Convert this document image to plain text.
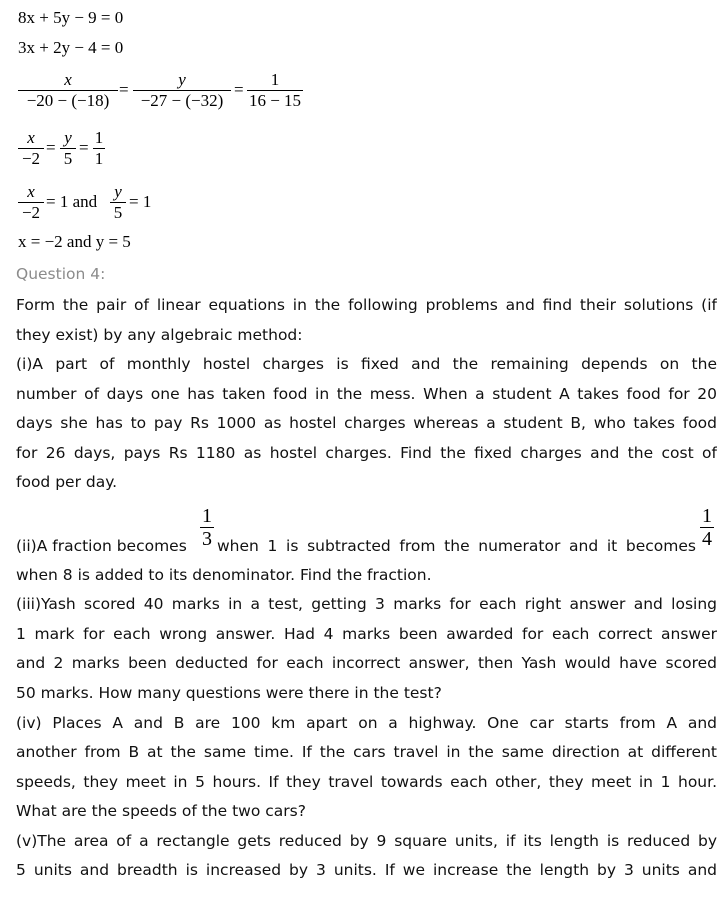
8x + 5y − 9 = 0
3x + 2y − 4 = 0
x
−20 − (−18)
=
y
−27 − (−32)
=
1
16 − 15
x
−2
=
y
5
=
1
1
x
−2
= 1 and
y
5
= 1
x = −2 and y = 5
Question 4:
Form the pair of linear equations in the following problems and find their solutions (if
they exist) by any algebraic method:
(i)A part of monthly hostel charges is fixed and the remaining depends on the
number of days one has taken food in the mess. When a student A takes food for 20
days she has to pay Rs 1000 as hostel charges whereas a student B, who takes food
for 26 days, pays Rs 1180 as hostel charges. Find the fixed charges and the cost of
food per day.
(ii)A fraction becomes
1
3 when 1 is subtracted from the numerator and it becomes
1
4
when 8 is added to its denominator. Find the fraction.
(iii)Yash scored 40 marks in a test, getting 3 marks for each right answer and losing
1 mark for each wrong answer. Had 4 marks been awarded for each correct answer
and 2 marks been deducted for each incorrect answer, then Yash would have scored
50 marks. How many questions were there in the test?
(iv) Places A and B are 100 km apart on a highway. One car starts from A and
another from B at the same time. If the cars travel in the same direction at different
speeds, they meet in 5 hours. If they travel towards each other, they meet in 1 hour.
What are the speeds of the two cars?
(v)The area of a rectangle gets reduced by 9 square units, if its length is reduced by
5 units and breadth is increased by 3 units. If we increase the length by 3 units and
